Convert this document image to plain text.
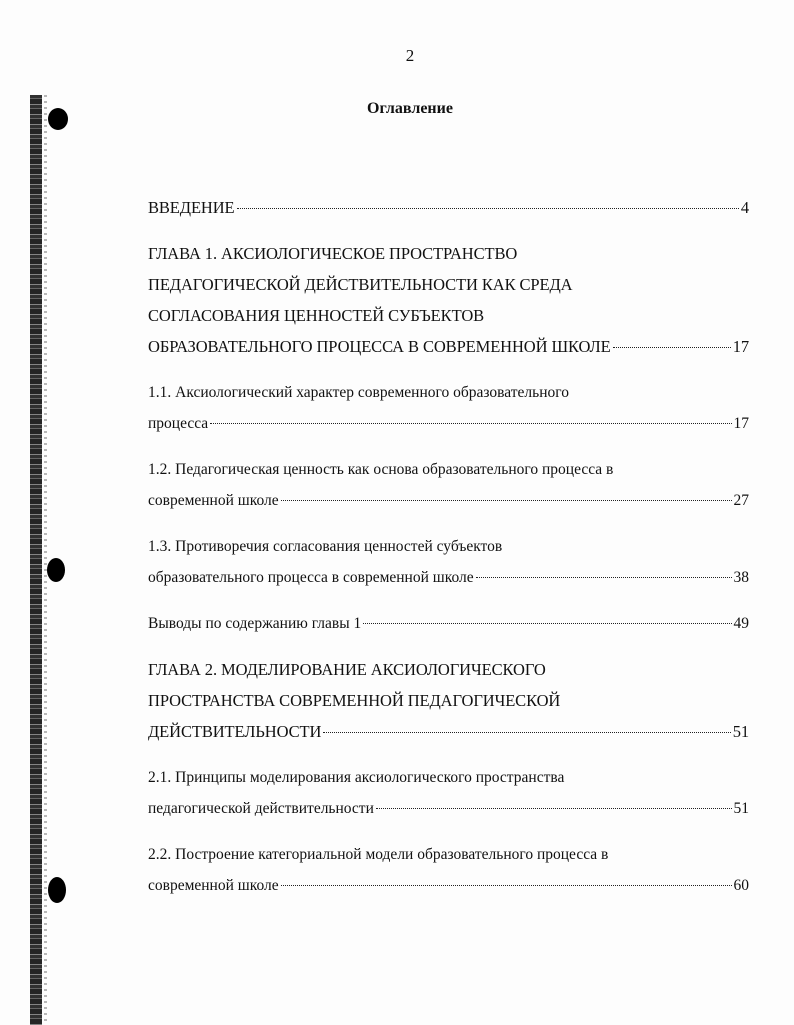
2
Оглавление
ВВЕДЕНИЕ	4
ГЛАВА 1. АКСИОЛОГИЧЕСКОЕ ПРОСТРАНСТВО
ПЕДАГОГИЧЕСКОЙ ДЕЙСТВИТЕЛЬНОСТИ КАК СРЕДА
СОГЛАСОВАНИЯ ЦЕННОСТЕЙ СУБЪЕКТОВ
ОБРАЗОВАТЕЛЬНОГО ПРОЦЕССА В СОВРЕМЕННОЙ ШКОЛЕ	17
1.1. Аксиологический характер современного образовательного
процесса	17
1.2. Педагогическая ценность как основа образовательного процесса в
современной школе	27
1.3. Противоречия согласования ценностей субъектов
образовательного процесса в современной школе	38
Выводы по содержанию главы 1	49
ГЛАВА 2. МОДЕЛИРОВАНИЕ АКСИОЛОГИЧЕСКОГО
ПРОСТРАНСТВА СОВРЕМЕННОЙ ПЕДАГОГИЧЕСКОЙ
ДЕЙСТВИТЕЛЬНОСТИ	51
2.1. Принципы моделирования аксиологического пространства
педагогической действительности	51
2.2. Построение категориальной модели образовательного процесса в
современной школе	60
